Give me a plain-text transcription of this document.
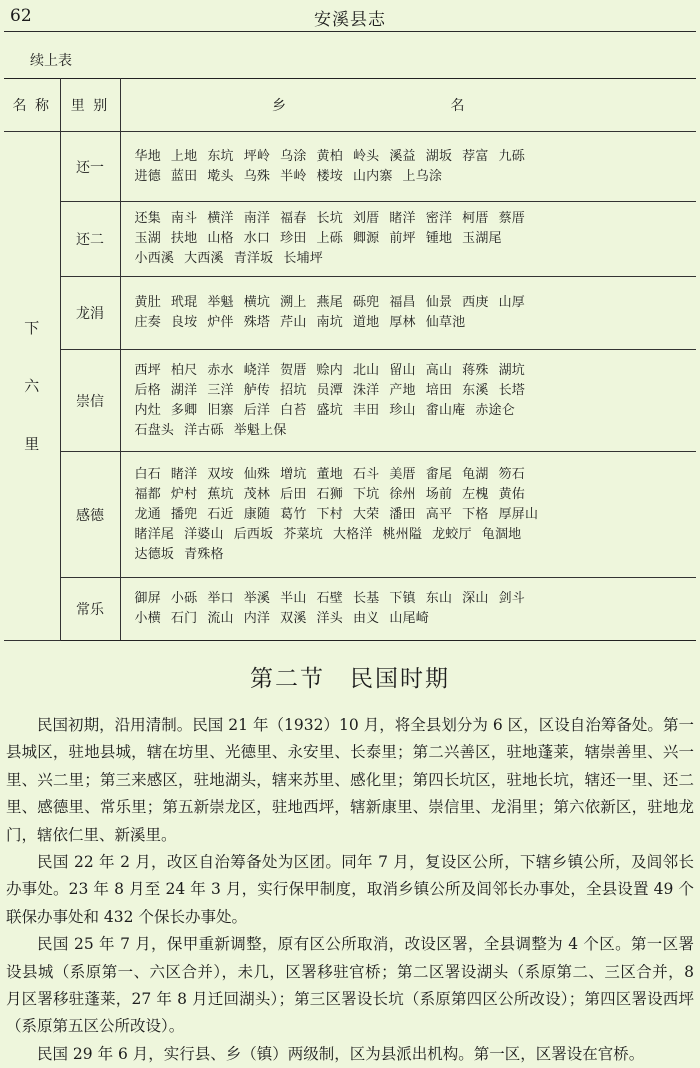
62	安溪县志
续上表
名 称	里 别	乡 名
下六里	还一	华地 上地 东坑 坪岭 乌涂 黄柏 岭头 溪益 湖坂 荐富 九砾
进德 蓝田 墘头 乌殊 半岭 楼垵 山内寨 上乌涂

	还二	还集 南斗 横洋 南洋 福春 长坑 刘厝 睹洋 密洋 柯厝 蔡厝
玉湖 扶地 山格 水口 珍田 上砾 卿源 前坪 锺地 玉湖尾
小西溪 大西溪 青洋坂 长埔坪

	龙涓	黄肚 玳琨 举魁 横坑 溯上 燕尾 砾兜 福昌 仙景 西庚 山厚
庄奏 良垵 炉伴 殊塔 芹山 南坑 道地 厚林 仙草池

	崇信	西坪 柏尺 赤水 峣洋 贺厝 赊内 北山 留山 高山 蒋殊 湖坑
后格 湖洋 三洋 舻传 招坑 员潭 洙洋 产地 培田 东溪 长塔
内灶 多卿 旧寨 后洋 白苔 盛坑 丰田 珍山 畬山庵 赤途仑
石盘头 洋古砾 举魁上保

	感德	白石 睹洋 双垵 仙殊 增坑 董地 石斗 美厝 畬尾 龟湖 笏石
福都 炉村 蕉坑 茂林 后田 石狮 下坑 徐州 场前 左槐 黄佑
龙通 播兜 石近 康随 葛竹 下村 大荣 潘田 高平 下格 厚屏山
睹洋尾 洋婆山 后西坂 芥菜坑 大格洋 桃州隘 龙蛟厅 龟涸地
达德坂 青殊格

	常乐	御屏 小砾 举口 举溪 半山 石壁 长基 下镇 东山 深山 剑斗
小横 石门 流山 内洋 双溪 洋头 由义 山尾崎
第二节　民国时期

民国初期，沿用清制。民国 21 年（1932）10 月，将全县划分为 6 区，区设自治筹备处。第一县城区，驻地县城，辖在坊里、光德里、永安里、长泰里；第二兴善区，驻地蓬莱，辖崇善里、兴一里、兴二里；第三来感区，驻地湖头，辖来苏里、感化里；第四长坑区，驻地长坑，辖还一里、还二里、感德里、常乐里；第五新崇龙区，驻地西坪，辖新康里、崇信里、龙涓里；第六依新区，驻地龙门，辖依仁里、新溪里。

民国 22 年 2 月，改区自治筹备处为区团。同年 7 月，复设区公所，下辖乡镇公所，及闾邻长办事处。23 年 8 月至 24 年 3 月，实行保甲制度，取消乡镇公所及闾邻长办事处，全县设置 49 个联保办事处和 432 个保长办事处。

民国 25 年 7 月，保甲重新调整，原有区公所取消，改设区署，全县调整为 4 个区。第一区署设县城（系原第一、六区合并），未几，区署移驻官桥；第二区署设湖头（系原第二、三区合并，8 月区署移驻蓬莱，27 年 8 月迁回湖头）；第三区署设长坑（系原第四区公所改设）；第四区署设西坪（系原第五区公所改设）。

民国 29 年 6 月，实行县、乡（镇）两级制，区为县派出机构。第一区，区署设在官桥。
